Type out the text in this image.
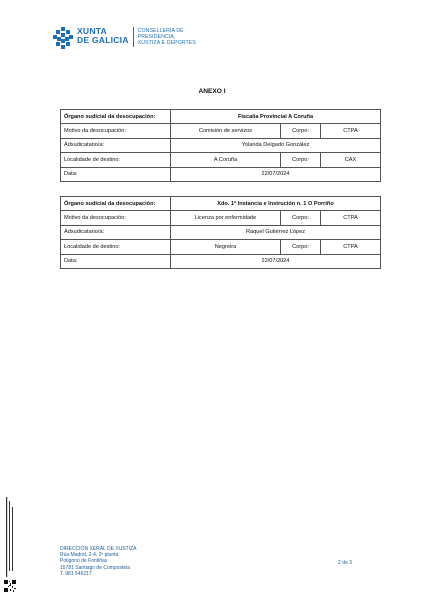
XUNTA
DE GALICIA
CONSELLERÍA DE
PRESIDENCIA,
XUSTIZA E DEPORTES
ANEXO I
Órgano xudicial da desocupación:	Fiscalía Provincial A Coruña		
Motivo da desocupación:	Comisión de servizos	Corpo:	CTPA
Adxudicatario/a:	Yolanda Delgado González		
Localidade de destino:	A Coruña	Corpo:	CAX
Data:	22/07/2024		
Órgano xudicial da desocupación:	Xdo. 1ª Instancia e Instrución n. 1 O Porriño		
Motivo da desocupación:	Licenza por enfermidade	Corpo:	CTPA
Adxudicatario/a:	Raquel Gutiérrez López		
Localidade de destino:	Negreira	Corpo:	CTPA
Data:	22/07/2024		
DIRECCIÓN XERAL DE XUSTIZA
Rúa Madrid, 2-4, 2ª planta
Polígono de Fontiñas
15781 Santiago de Compostela
T. 981 546217
2 de 3
